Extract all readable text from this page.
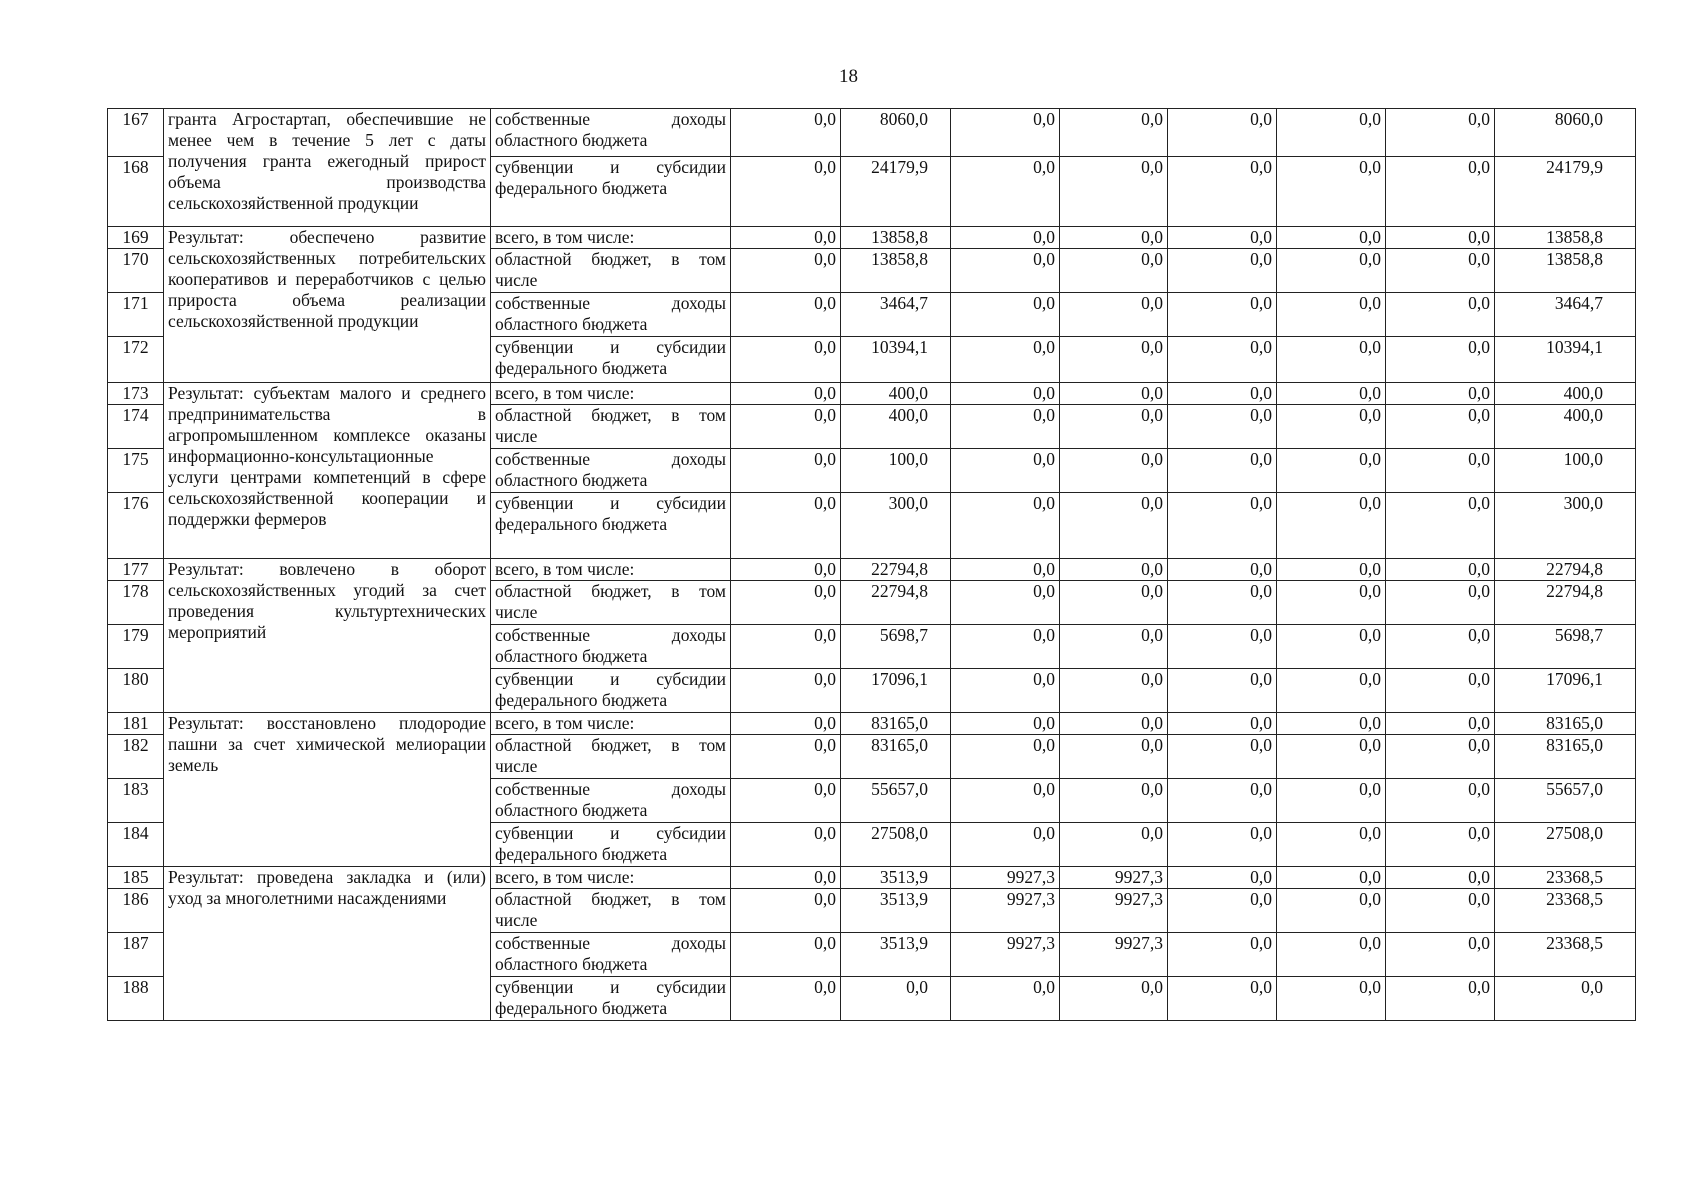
18
167	гранта Агростартап, обеспечившие не менее чем в течение 5 лет с даты получения гранта ежегодный прирост объема производства сельскохозяйственной продукции	собственные доходы областного бюджета	0,0	8060,0	0,0	0,0	0,0	0,0	0,0	8060,0
168		субвенции и субсидии федерального бюджета	0,0	24179,9	0,0	0,0	0,0	0,0	0,0	24179,9
169	Результат: обеспечено развитие сельскохозяйственных потребительских кооперативов и переработчиков с целью прироста объема реализации сельскохозяйственной продукции	всего, в том числе:	0,0	13858,8	0,0	0,0	0,0	0,0	0,0	13858,8
170		областной бюджет, в том числе	0,0	13858,8	0,0	0,0	0,0	0,0	0,0	13858,8
171		собственные доходы областного бюджета	0,0	3464,7	0,0	0,0	0,0	0,0	0,0	3464,7
172		субвенции и субсидии федерального бюджета	0,0	10394,1	0,0	0,0	0,0	0,0	0,0	10394,1
173	Результат: субъектам малого и среднего предпринимательства в агропромышленном комплексе оказаны информационно-консультационные услуги центрами компетенций в сфере сельскохозяйственной кооперации и поддержки фермеров	всего, в том числе:	0,0	400,0	0,0	0,0	0,0	0,0	0,0	400,0
174		областной бюджет, в том числе	0,0	400,0	0,0	0,0	0,0	0,0	0,0	400,0
175		собственные доходы областного бюджета	0,0	100,0	0,0	0,0	0,0	0,0	0,0	100,0
176		субвенции и субсидии федерального бюджета	0,0	300,0	0,0	0,0	0,0	0,0	0,0	300,0
177	Результат: вовлечено в оборот сельскохозяйственных угодий за счет проведения культуртехнических мероприятий	всего, в том числе:	0,0	22794,8	0,0	0,0	0,0	0,0	0,0	22794,8
178		областной бюджет, в том числе	0,0	22794,8	0,0	0,0	0,0	0,0	0,0	22794,8
179		собственные доходы областного бюджета	0,0	5698,7	0,0	0,0	0,0	0,0	0,0	5698,7
180		субвенции и субсидии федерального бюджета	0,0	17096,1	0,0	0,0	0,0	0,0	0,0	17096,1
181	Результат: восстановлено плодородие пашни за счет химической мелиорации земель	всего, в том числе:	0,0	83165,0	0,0	0,0	0,0	0,0	0,0	83165,0
182		областной бюджет, в том числе	0,0	83165,0	0,0	0,0	0,0	0,0	0,0	83165,0
183		собственные доходы областного бюджета	0,0	55657,0	0,0	0,0	0,0	0,0	0,0	55657,0
184		субвенции и субсидии федерального бюджета	0,0	27508,0	0,0	0,0	0,0	0,0	0,0	27508,0
185	Результат: проведена закладка и (или) уход за многолетними насаждениями	всего, в том числе:	0,0	3513,9	9927,3	9927,3	0,0	0,0	0,0	23368,5
186		областной бюджет, в том числе	0,0	3513,9	9927,3	9927,3	0,0	0,0	0,0	23368,5
187		собственные доходы областного бюджета	0,0	3513,9	9927,3	9927,3	0,0	0,0	0,0	23368,5
188		субвенции и субсидии федерального бюджета	0,0	0,0	0,0	0,0	0,0	0,0	0,0	0,0
